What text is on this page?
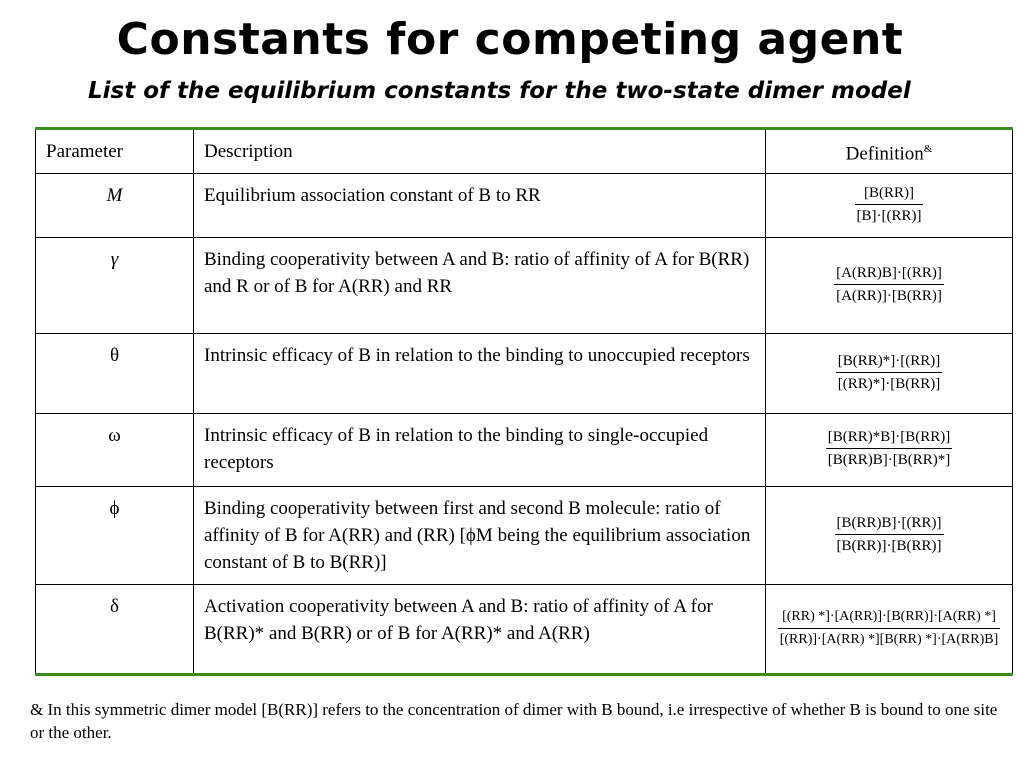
Constants for competing agent
List of the equilibrium constants for the two-state dimer model
Parameter	Description	Definition&
M	Equilibrium association constant of B to RR	$\frac{[B(RR)]}{[B]\cdot[(RR)]}$

γ	Binding cooperativity between A and B: ratio of affinity of A for B(RR) and R or of B for A(RR) and RR	$\frac{[A(RR)B]\cdot[(RR)]}{[A(RR)]\cdot[B(RR)]}$

θ	Intrinsic efficacy of B in relation to the binding to unoccupied receptors	$\frac{[B(RR)*]\cdot[(RR)]}{[(RR)*]\cdot[B(RR)]}$

ω	Intrinsic efficacy of B in relation to the binding to single-occupied receptors	$\frac{[B(RR)*B]\cdot[B(RR)]}{[B(RR)B]\cdot[B(RR)*]}$

ϕ	Binding cooperativity between first and second B molecule: ratio of affinity of B for A(RR) and (RR) [ϕM being the equilibrium association constant of B to B(RR)]	$\frac{[B(RR)B]\cdot[(RR)]}{[B(RR)]\cdot[B(RR)]}$

δ	Activation cooperativity between A and B: ratio of affinity of A for B(RR)* and B(RR) or of B for A(RR)* and A(RR)	$\frac{[(RR) *]\cdot[A(RR)]\cdot[B(RR)]\cdot[A(RR) *]}{[(RR)]\cdot[A(RR) *][B(RR) *]\cdot[A(RR)B]}$
& In this symmetric dimer model [B(RR)] refers to the concentration of dimer with B bound, i.e irrespective of whether B is bound to one site or the other.
